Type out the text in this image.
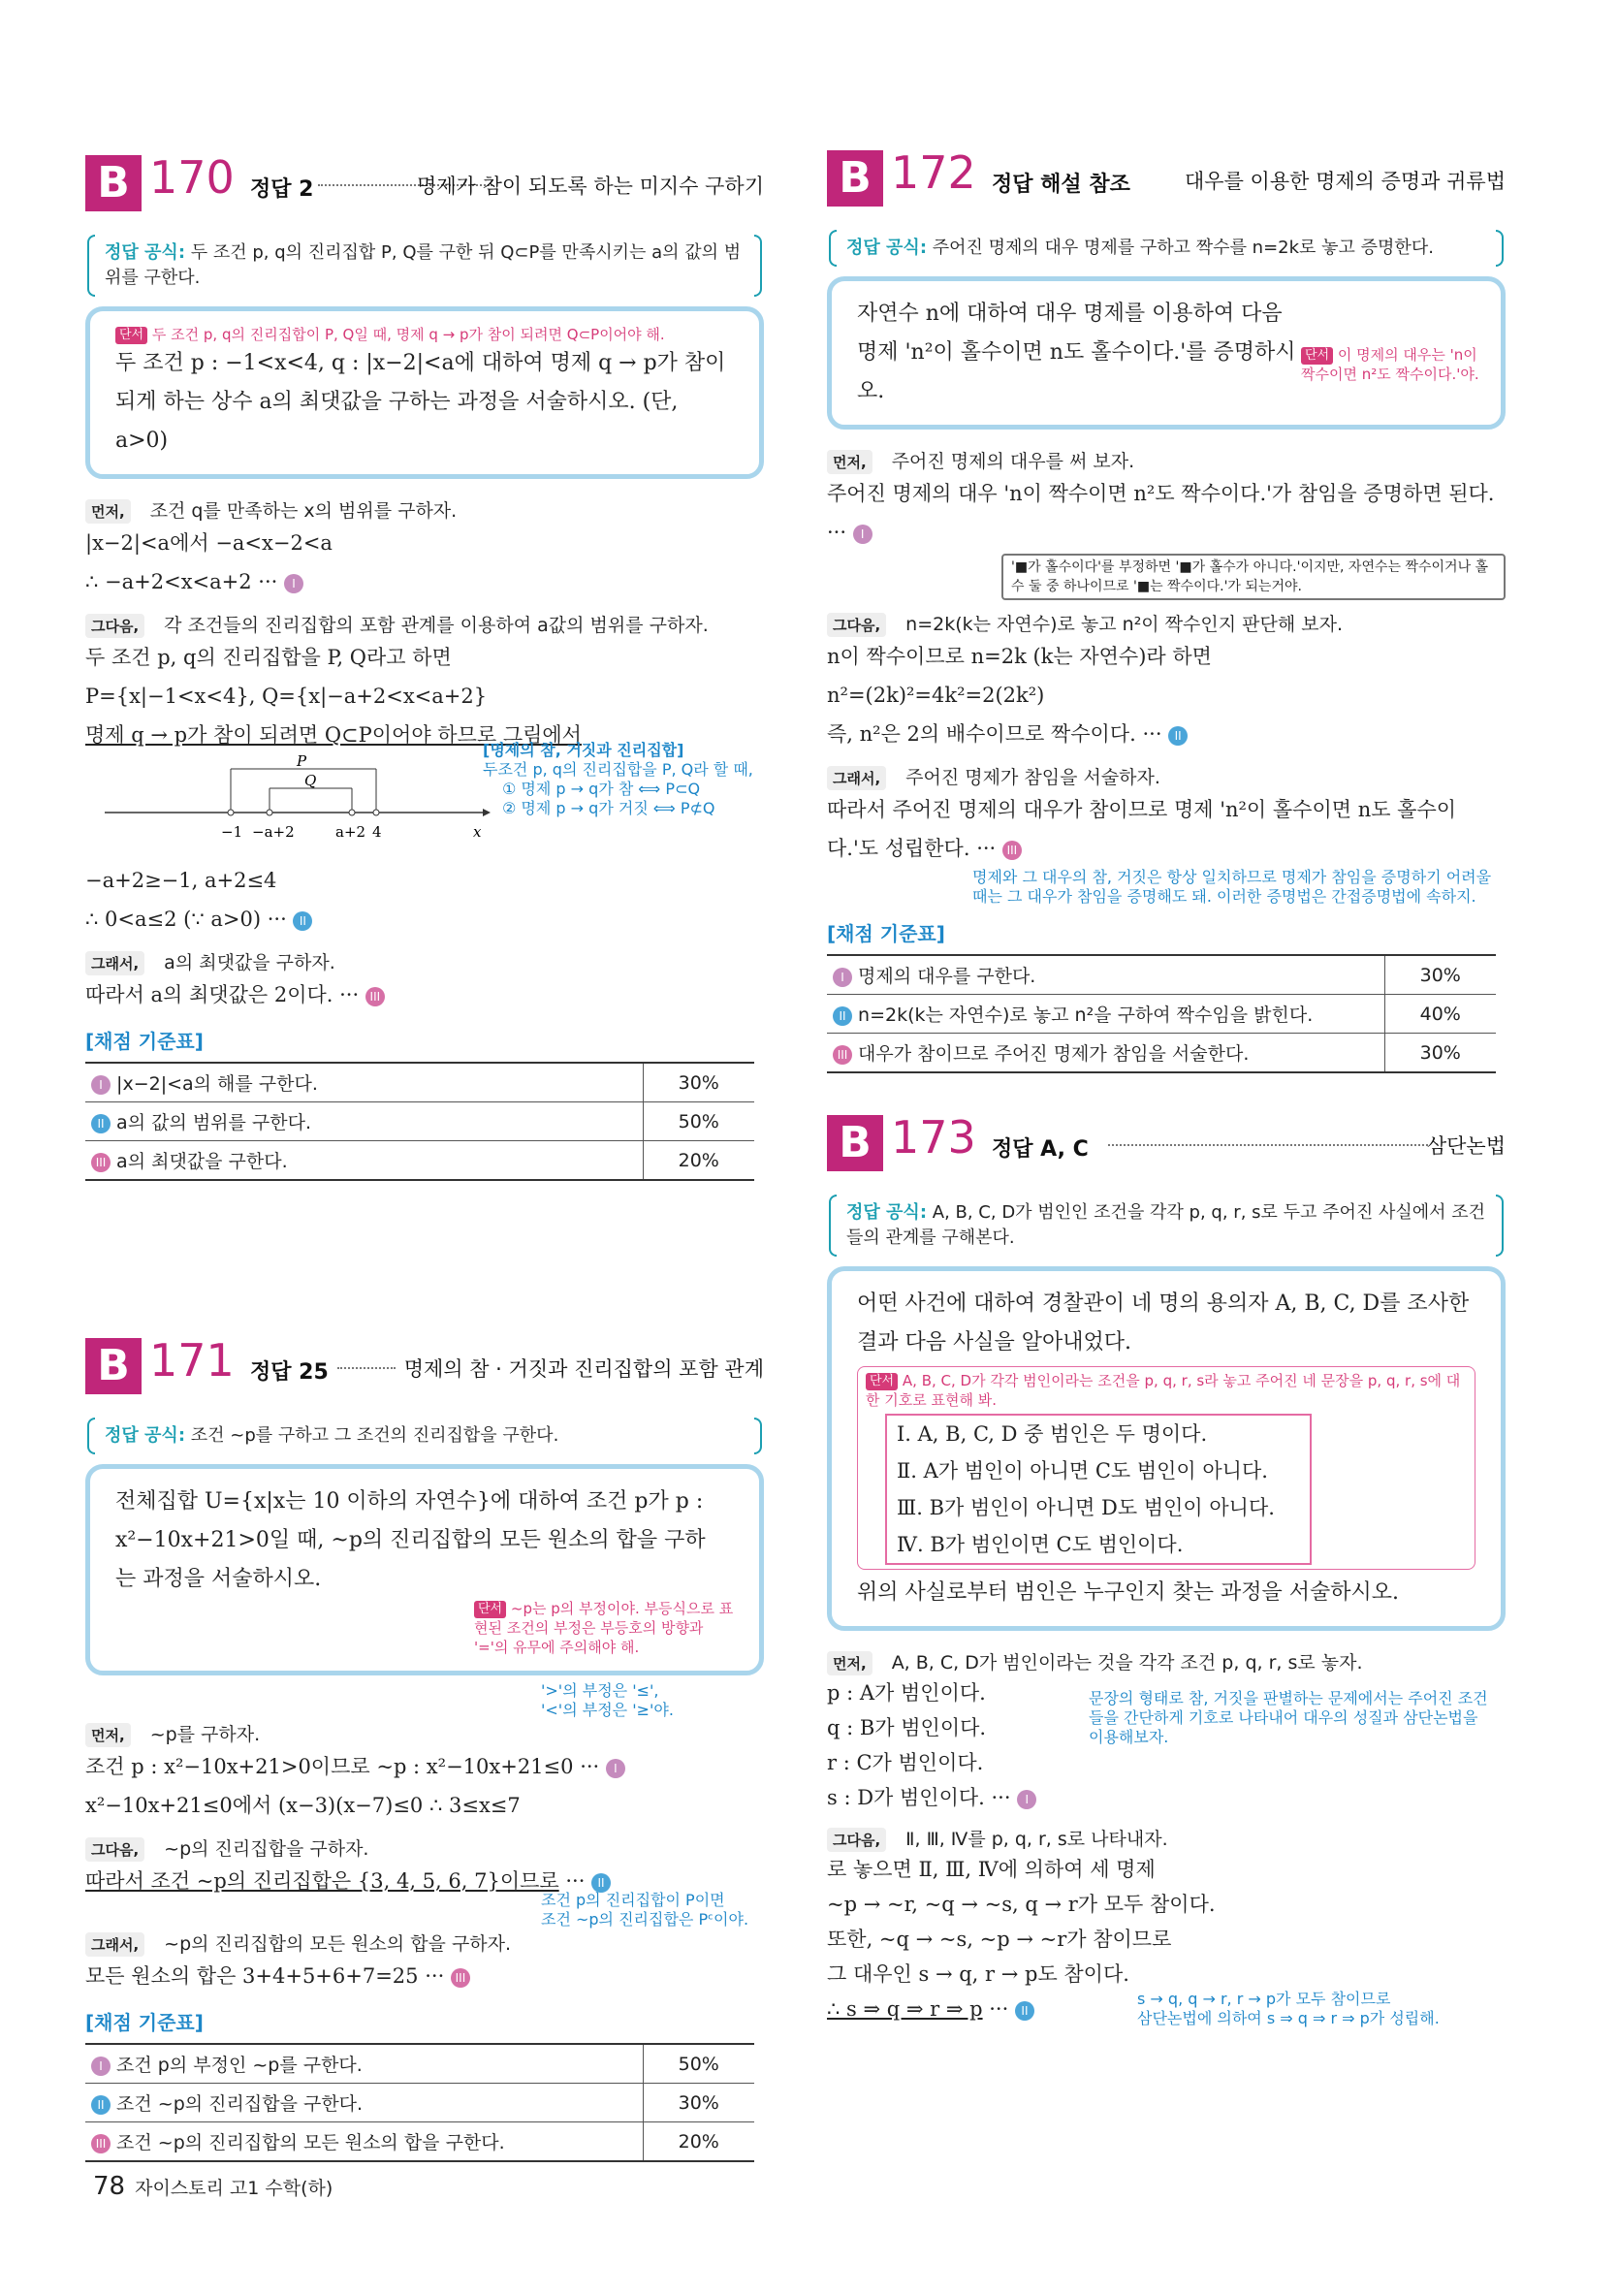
B 170 정답 2	명제가 참이 되도록 하는 미지수 구하기
정답 공식: 두 조건 p, q의 진리집합 P, Q를 구한 뒤 Q⊂P를 만족시키는 a의 값의 범위를 구한다.
단서 두 조건 p, q의 진리집합이 P, Q일 때, 명제 q → p가 참이 되려면 Q⊂P이어야 해.
두 조건 p : −1<x<4, q : |x−2|<a에 대하여 명제 q → p가 참이 되게 하는 상수 a의 최댓값을 구하는 과정을 서술하시오. (단, a>0)
먼저, 조건 q를 만족하는 x의 범위를 구하자.
|x−2|<a에서 −a<x−2<a
∴ −a+2<x<a+2 ··· I
그다음, 각 조건들의 진리집합의 포함 관계를 이용하여 a값의 범위를 구하자.
두 조건 p, q의 진리집합을 P, Q라고 하면
P={x|−1<x<4}, Q={x|−a+2<x<a+2}
명제 q → p가 참이 되려면 Q⊂P이어야 하므로 그림에서
−1 −a+2	a+2 4	x
P
Q
[명제의 참, 거짓과 진리집합]
두조건 p, q의 진리집합을 P, Q라 할 때,
① 명제 p → q가 참 ⟺ P⊂Q
② 명제 p → q가 거짓 ⟺ P⊄Q
−a+2≥−1, a+2≤4
∴ 0<a≤2 (∵ a>0) ··· II
그래서, a의 최댓값을 구하자.
따라서 a의 최댓값은 2이다. ··· III
[채점 기준표]
I |x−2|<a의 해를 구한다.	30%
II a의 값의 범위를 구한다.	50%
III a의 최댓값을 구한다.	20%
B 171 정답 25	명제의 참 · 거짓과 진리집합의 포함 관계
정답 공식: 조건 ~p를 구하고 그 조건의 진리집합을 구한다.
전체집합 U={x|x는 10 이하의 자연수}에 대하여 조건 p가 p : x²−10x+21>0일 때, ~p의 진리집합의 모든 원소의 합을 구하는 과정을 서술하시오.
단서 ~p는 p의 부정이야. 부등식으로 표현된 조건의 부정은 부등호의 방향과 '='의 유무에 주의해야 해.
'>'의 부정은 '≤',
'<'의 부정은 '≥'야.
먼저, ~p를 구하자.
조건 p : x²−10x+21>0이므로 ~p : x²−10x+21≤0 ··· I
x²−10x+21≤0에서 (x−3)(x−7)≤0 ∴ 3≤x≤7
그다음, ~p의 진리집합을 구하자.
따라서 조건 ~p의 진리집합은 {3, 4, 5, 6, 7}이므로 ··· II
조건 p의 진리집합이 P이면
조건 ~p의 진리집합은 Pᶜ이야.
그래서, ~p의 진리집합의 모든 원소의 합을 구하자.
모든 원소의 합은 3+4+5+6+7=25 ··· III
[채점 기준표]
I 조건 p의 부정인 ~p를 구한다.	50%
II 조건 ~p의 진리집합을 구한다.	30%
III 조건 ~p의 진리집합의 모든 원소의 합을 구한다.	20%
B 172 정답 해설 참조	대우를 이용한 명제의 증명과 귀류법
정답 공식: 주어진 명제의 대우 명제를 구하고 짝수를 n=2k로 놓고 증명한다.
자연수 n에 대하여 대우 명제를 이용하여 다음 명제 'n²이 홀수이면 n도 홀수이다.'를 증명하시오.
단서 이 명제의 대우는 'n이 짝수이면 n²도 짝수이다.'야.
먼저, 주어진 명제의 대우를 써 보자.
주어진 명제의 대우 'n이 짝수이면 n²도 짝수이다.'가 참임을 증명하면 된다. ··· I
'■가 홀수이다'를 부정하면 '■가 홀수가 아니다.'이지만, 자연수는 짝수이거나 홀수 둘 중 하나이므로 '■는 짝수이다.'가 되는거야.
그다음, n=2k(k는 자연수)로 놓고 n²이 짝수인지 판단해 보자.
n이 짝수이므로 n=2k (k는 자연수)라 하면
n²=(2k)²=4k²=2(2k²)
즉, n²은 2의 배수이므로 짝수이다. ··· II
그래서, 주어진 명제가 참임을 서술하자.
따라서 주어진 명제의 대우가 참이므로 명제 'n²이 홀수이면 n도 홀수이다.'도 성립한다. ··· III
명제와 그 대우의 참, 거짓은 항상 일치하므로 명제가 참임을 증명하기 어려울 때는 그 대우가 참임을 증명해도 돼. 이러한 증명법은 간접증명법에 속하지.
[채점 기준표]
I 명제의 대우를 구한다.	30%
II n=2k(k는 자연수)로 놓고 n²을 구하여 짝수임을 밝힌다.	40%
III 대우가 참이므로 주어진 명제가 참임을 서술한다.	30%
B 173 정답 A, C	삼단논법
정답 공식: A, B, C, D가 범인인 조건을 각각 p, q, r, s로 두고 주어진 사실에서 조건들의 관계를 구해본다.
어떤 사건에 대하여 경찰관이 네 명의 용의자 A, B, C, D를 조사한 결과 다음 사실을 알아내었다.
단서 A, B, C, D가 각각 범인이라는 조건을 p, q, r, s라 놓고 주어진 네 문장을 p, q, r, s에 대한 기호로 표현해 봐.
Ⅰ. A, B, C, D 중 범인은 두 명이다.
Ⅱ. A가 범인이 아니면 C도 범인이 아니다.
Ⅲ. B가 범인이 아니면 D도 범인이 아니다.
Ⅳ. B가 범인이면 C도 범인이다.
위의 사실로부터 범인은 누구인지 찾는 과정을 서술하시오.
먼저, A, B, C, D가 범인이라는 것을 각각 조건 p, q, r, s로 놓자.
p : A가 범인이다.
q : B가 범인이다.
r : C가 범인이다.
s : D가 범인이다. ··· I
문장의 형태로 참, 거짓을 판별하는 문제에서는 주어진 조건들을 간단하게 기호로 나타내어 대우의 성질과 삼단논법을 이용해보자.
그다음, Ⅱ, Ⅲ, Ⅳ를 p, q, r, s로 나타내자.
로 놓으면 Ⅱ, Ⅲ, Ⅳ에 의하여 세 명제
~p → ~r, ~q → ~s, q → r가 모두 참이다.
또한, ~q → ~s, ~p → ~r가 참이므로
그 대우인 s → q, r → p도 참이다.
∴ s ⇒ q ⇒ r ⇒ p ··· II
s → q, q → r, r → p가 모두 참이므로
삼단논법에 의하여 s ⇒ q ⇒ r ⇒ p가 성립해.
78 자이스토리 고1 수학(하)
